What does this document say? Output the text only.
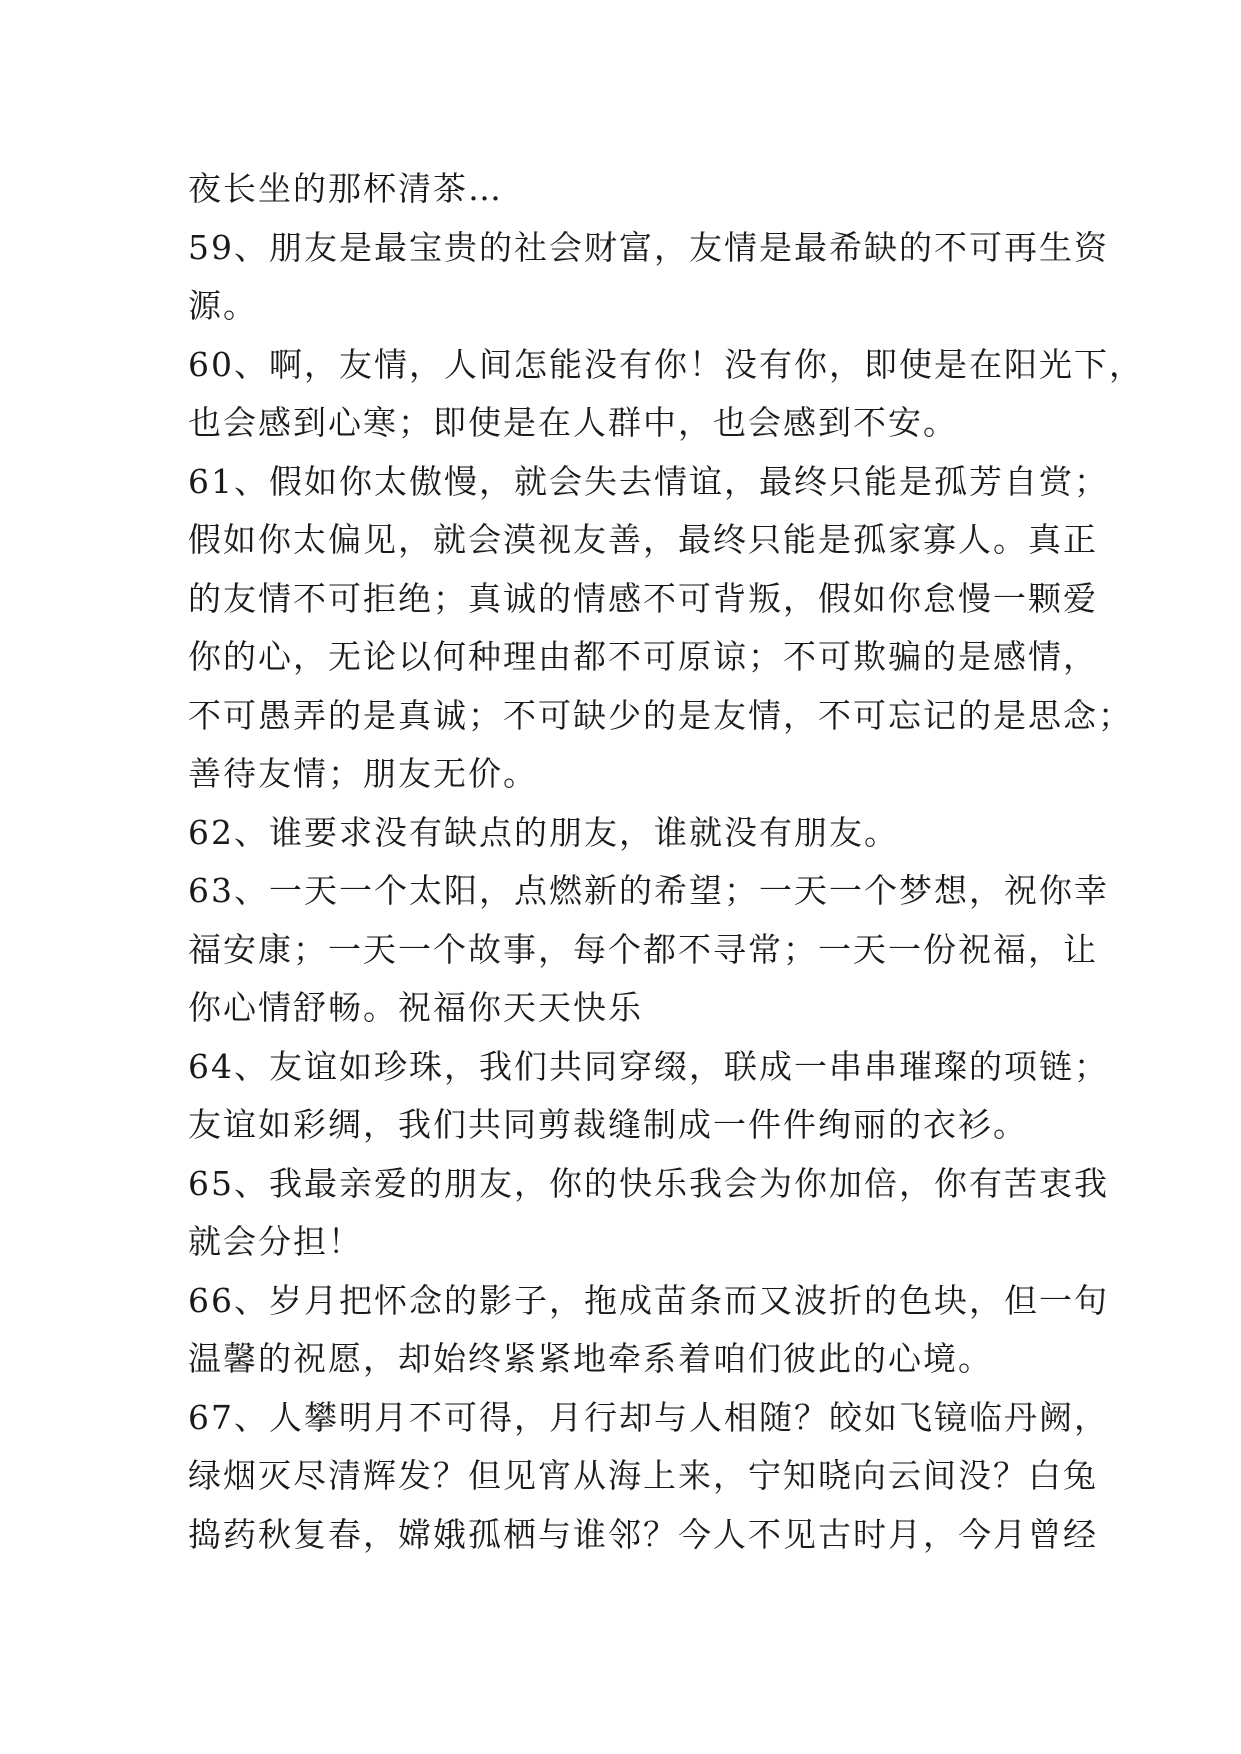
夜长坐的那杯清茶…
59、朋友是最宝贵的社会财富，友情是最希缺的不可再生资
源。
60、啊，友情，人间怎能没有你！没有你，即使是在阳光下，
也会感到心寒；即使是在人群中，也会感到不安。
61、假如你太傲慢，就会失去情谊，最终只能是孤芳自赏；
假如你太偏见，就会漠视友善，最终只能是孤家寡人。真正
的友情不可拒绝；真诚的情感不可背叛，假如你怠慢一颗爱
你的心，无论以何种理由都不可原谅；不可欺骗的是感情，
不可愚弄的是真诚；不可缺少的是友情，不可忘记的是思念；
善待友情；朋友无价。
62、谁要求没有缺点的朋友，谁就没有朋友。
63、一天一个太阳，点燃新的希望；一天一个梦想，祝你幸
福安康；一天一个故事，每个都不寻常；一天一份祝福，让
你心情舒畅。祝福你天天快乐
64、友谊如珍珠，我们共同穿缀，联成一串串璀璨的项链；
友谊如彩绸，我们共同剪裁缝制成一件件绚丽的衣衫。
65、我最亲爱的朋友，你的快乐我会为你加倍，你有苦衷我
就会分担！
66、岁月把怀念的影子，拖成苗条而又波折的色块，但一句
温馨的祝愿，却始终紧紧地牵系着咱们彼此的心境。
67、人攀明月不可得，月行却与人相随？皎如飞镜临丹阙，
绿烟灭尽清辉发？但见宵从海上来，宁知晓向云间没？白兔
捣药秋复春，嫦娥孤栖与谁邻？今人不见古时月，今月曾经
